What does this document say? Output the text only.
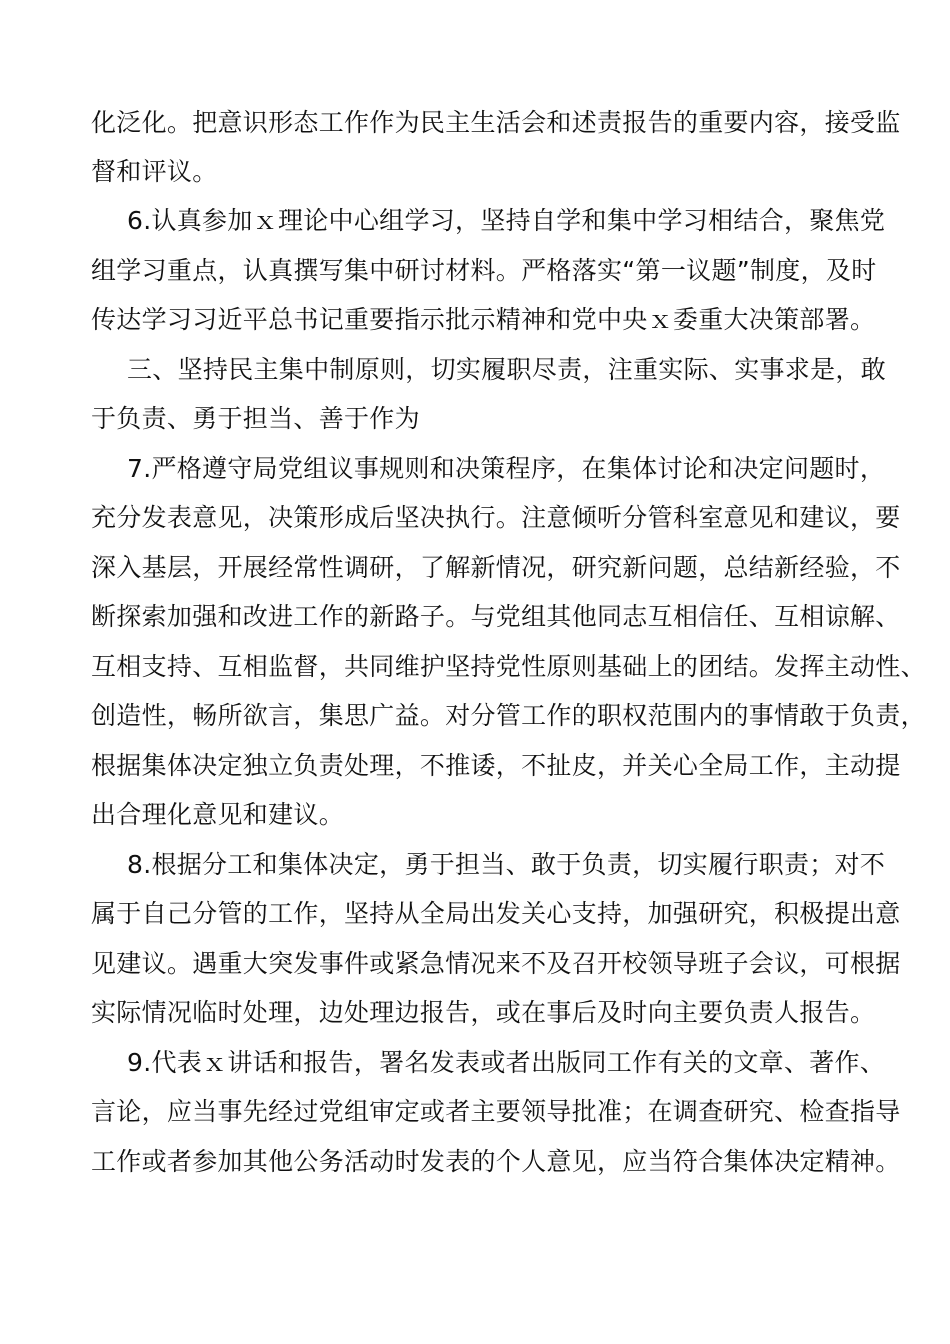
化泛化。把意识形态工作作为民主生活会和述责报告的重要内容，接受监
督和评议。
6.认真参加ｘ理论中心组学习，坚持自学和集中学习相结合，聚焦党
组学习重点，认真撰写集中研讨材料。严格落实“第一议题”制度，及时
传达学习习近平总书记重要指示批示精神和党中央ｘ委重大决策部署。
三、坚持民主集中制原则，切实履职尽责，注重实际、实事求是，敢
于负责、勇于担当、善于作为
7.严格遵守局党组议事规则和决策程序，在集体讨论和决定问题时，
充分发表意见，决策形成后坚决执行。注意倾听分管科室意见和建议，要
深入基层，开展经常性调研，了解新情况，研究新问题，总结新经验，不
断探索加强和改进工作的新路子。与党组其他同志互相信任、互相谅解、
互相支持、互相监督，共同维护坚持党性原则基础上的团结。发挥主动性、
创造性，畅所欲言，集思广益。对分管工作的职权范围内的事情敢于负责，
根据集体决定独立负责处理，不推诿，不扯皮，并关心全局工作，主动提
出合理化意见和建议。
8.根据分工和集体决定，勇于担当、敢于负责，切实履行职责；对不
属于自己分管的工作，坚持从全局出发关心支持，加强研究，积极提出意
见建议。遇重大突发事件或紧急情况来不及召开校领导班子会议，可根据
实际情况临时处理，边处理边报告，或在事后及时向主要负责人报告。
9.代表ｘ讲话和报告，署名发表或者出版同工作有关的文章、著作、
言论，应当事先经过党组审定或者主要领导批准；在调查研究、检查指导
工作或者参加其他公务活动时发表的个人意见，应当符合集体决定精神。
